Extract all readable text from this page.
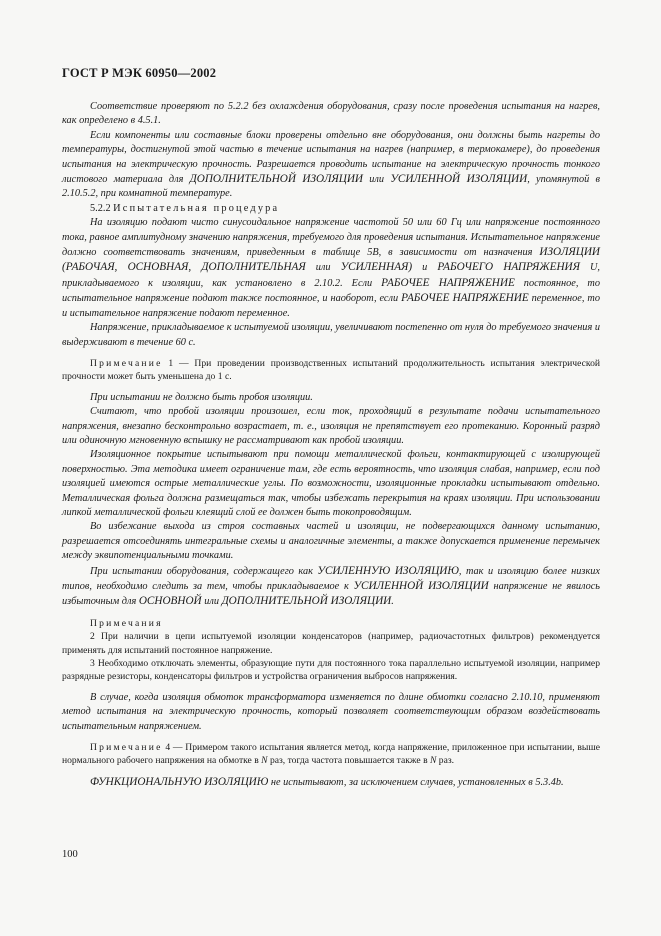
ГОСТ Р МЭК 60950—2002

Соответствие проверяют по 5.2.2 без охлаждения оборудования, сразу после проведения испытания на нагрев, как определено в 4.5.1.

Если компоненты или составные блоки проверены отдельно вне оборудования, они должны быть нагреты до температуры, достигнутой этой частью в течение испытания на нагрев (например, в термокамере), до проведения испытания на электрическую прочность. Разрешается проводить испытание на электрическую прочность тонкого листового материала для ДОПОЛНИТЕЛЬНОЙ ИЗОЛЯЦИИ или УСИЛЕННОЙ ИЗОЛЯЦИИ, упомянутой в 2.10.5.2, при комнатной температуре.

5.2.2 Испытательная процедура

На изоляцию подают чисто синусоидальное напряжение частотой 50 или 60 Гц или напряжение постоянного тока, равное амплитудному значению напряжения, требуемого для проведения испытания. Испытательное напряжение должно соответствовать значениям, приведенным в таблице 5В, в зависимости от назначения ИЗОЛЯЦИИ (РАБОЧАЯ, ОСНОВНАЯ, ДОПОЛНИТЕЛЬНАЯ или УСИЛЕННАЯ) и РАБОЧЕГО НАПРЯЖЕНИЯ U, прикладываемого к изоляции, как установлено в 2.10.2. Если РАБОЧЕЕ НАПРЯЖЕНИЕ постоянное, то испытательное напряжение подают также постоянное, и наоборот, если РАБОЧЕЕ НАПРЯЖЕНИЕ переменное, то и испытательное напряжение подают переменное.

Напряжение, прикладываемое к испытуемой изоляции, увеличивают постепенно от нуля до требуемого значения и выдерживают в течение 60 с.

Примечание 1 — При проведении производственных испытаний продолжительность испытания электрической прочности может быть уменьшена до 1 с.

При испытании не должно быть пробоя изоляции.

Считают, что пробой изоляции произошел, если ток, проходящий в результате подачи испытательного напряжения, внезапно бесконтрольно возрастает, т. е., изоляция не препятствует его протеканию. Коронный разряд или одиночную мгновенную вспышку не рассматривают как пробой изоляции.

Изоляционное покрытие испытывают при помощи металлической фольги, контактирующей с изолирующей поверхностью. Эта методика имеет ограничение там, где есть вероятность, что изоляция слабая, например, если под изоляцией имеются острые металлические углы. По возможности, изоляционные прокладки испытывают отдельно. Металлическая фольга должна размещаться так, чтобы избежать перекрытия на краях изоляции. При использовании липкой металлической фольги клеящий слой ее должен быть токопроводящим.

Во избежание выхода из строя составных частей и изоляции, не подвергающихся данному испытанию, разрешается отсоединять интегральные схемы и аналогичные элементы, а также допускается применение перемычек между эквипотенциальными точками.

При испытании оборудования, содержащего как УСИЛЕННУЮ ИЗОЛЯЦИЮ, так и изоляцию более низких типов, необходимо следить за тем, чтобы прикладываемое к УСИЛЕННОЙ ИЗОЛЯЦИИ напряжение не явилось избыточным для ОСНОВНОЙ или ДОПОЛНИТЕЛЬНОЙ ИЗОЛЯЦИИ.

Примечания

2 При наличии в цепи испытуемой изоляции конденсаторов (например, радиочастотных фильтров) рекомендуется применять для испытаний постоянное напряжение.

3 Необходимо отключать элементы, образующие пути для постоянного тока параллельно испытуемой изоляции, например разрядные резисторы, конденсаторы фильтров и устройства ограничения выбросов напряжения.

В случае, когда изоляция обмоток трансформатора изменяется по длине обмотки согласно 2.10.10, применяют метод испытания на электрическую прочность, который позволяет соответствующим образом воздействовать испытательным напряжением.

Примечание 4 — Примером такого испытания является метод, когда напряжение, приложенное при испытании, выше нормального рабочего напряжения на обмотке в N раз, тогда частота повышается также в N раз.

ФУНКЦИОНАЛЬНУЮ ИЗОЛЯЦИЮ не испытывают, за исключением случаев, установленных в 5.3.4b.

100
